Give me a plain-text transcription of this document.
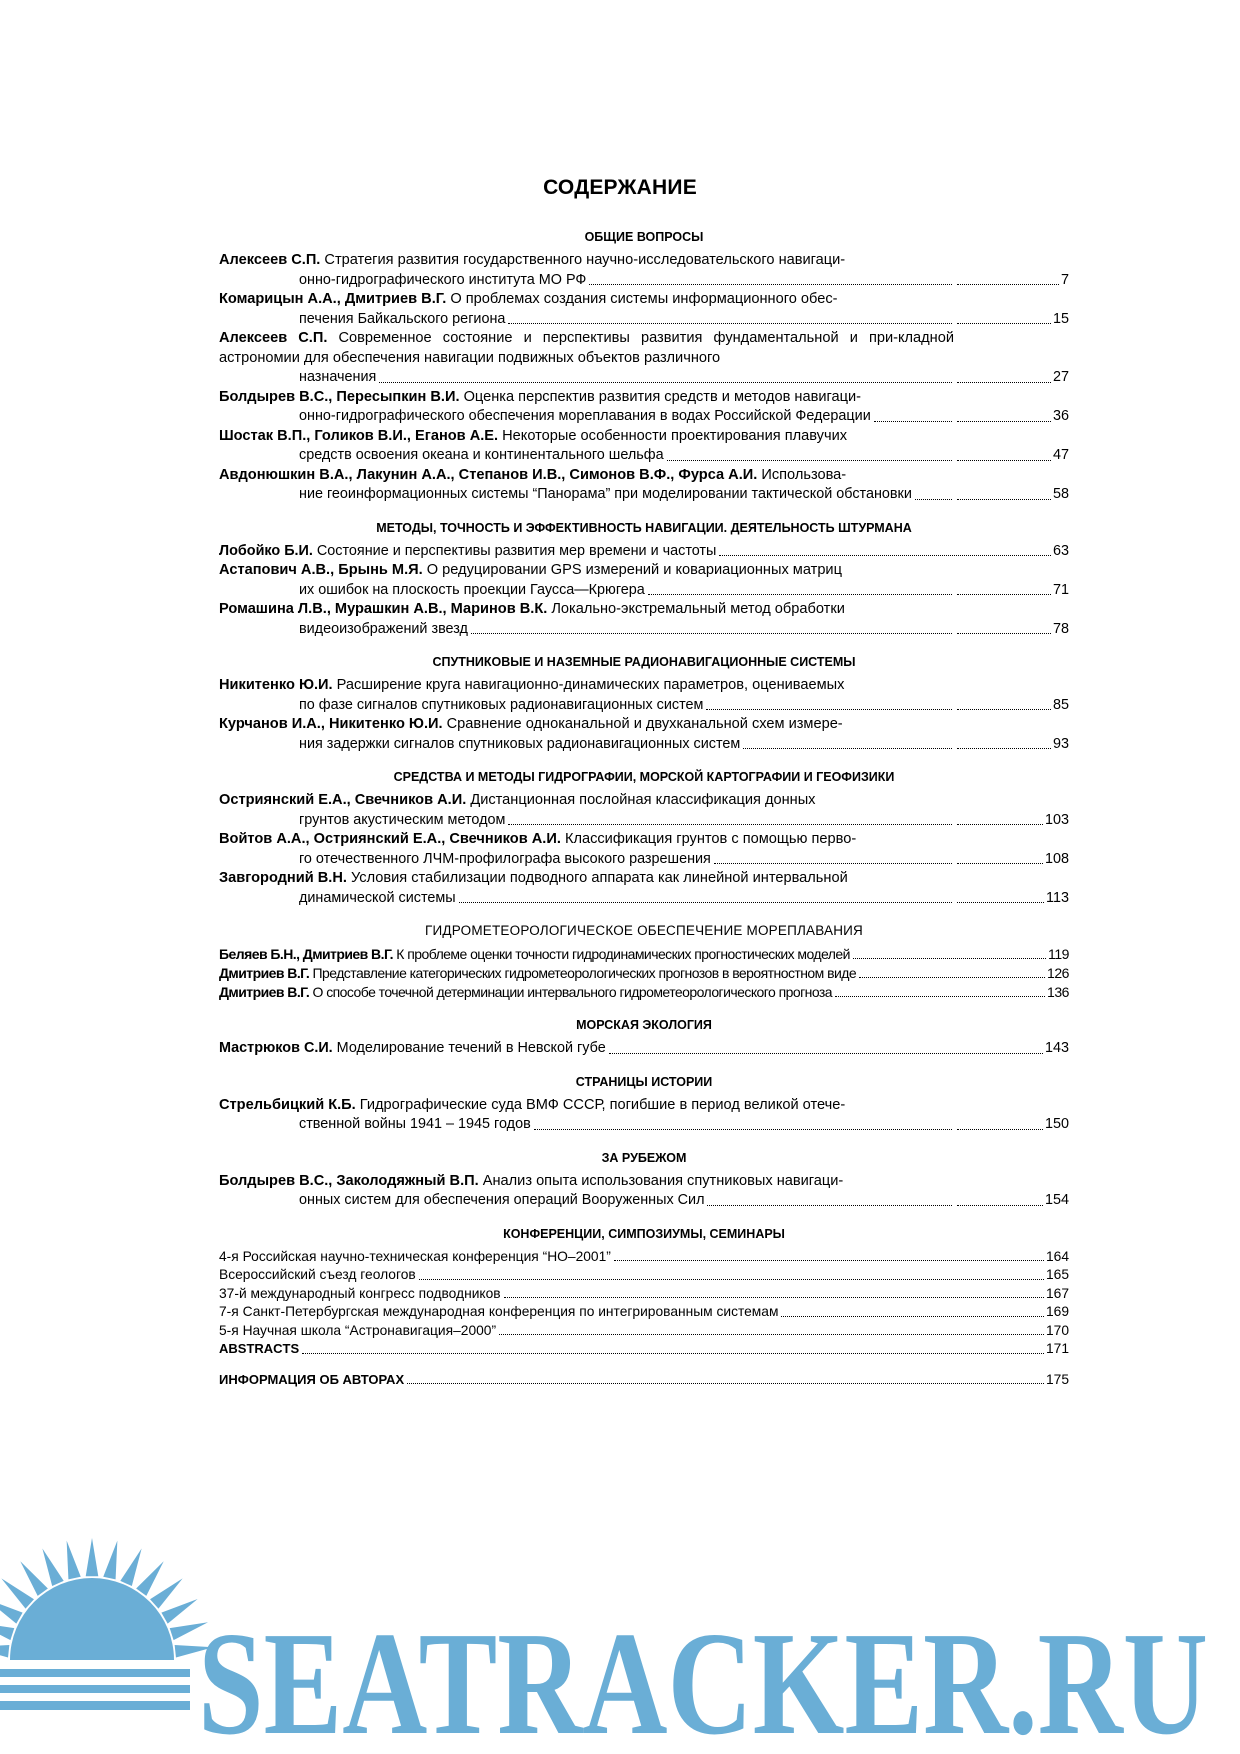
СОДЕРЖАНИЕ
ОБЩИЕ ВОПРОСЫ
Алексеев С.П. Стратегия развития государственного научно-исследовательского навигаци-

онно-гидрографического института МО РФ	7
Комарицын А.А., Дмитриев В.Г. О проблемах создания системы информационного обес-

печения Байкальского региона	15
Алексеев С.П. Современное состояние и перспективы развития фундаментальной и при-кладной астрономии для обеспечения навигации подвижных объектов различного

назначения	27
Болдырев В.С., Пересыпкин В.И. Оценка перспектив развития средств и методов навигаци-

онно-гидрографического обеспечения мореплавания в водах Российской Федерации	36
Шостак В.П., Голиков В.И., Еганов А.Е. Некоторые особенности проектирования плавучих

средств освоения океана и континентального шельфа	47
Авдонюшкин В.А., Лакунин А.А., Степанов И.В., Симонов В.Ф., Фурса А.И. Использова-

ние геоинформационных системы “Панорама” при моделировании тактической обстановки	58
МЕТОДЫ, ТОЧНОСТЬ И ЭФФЕКТИВНОСТЬ НАВИГАЦИИ. ДЕЯТЕЛЬНОСТЬ ШТУРМАНА
Лобойко Б.И. Состояние и перспективы развития мер времени и частоты	63
Астапович А.В., Брынь М.Я. О редуцировании GPS измерений и ковариационных матриц

их ошибок на плоскость проекции Гаусса—Крюгера	71
Ромашина Л.В., Мурашкин А.В., Маринов В.К. Локально-экстремальный метод обработки

видеоизображений звезд	78
СПУТНИКОВЫЕ И НАЗЕМНЫЕ РАДИОНАВИГАЦИОННЫЕ СИСТЕМЫ
Никитенко Ю.И. Расширение круга навигационно-динамических параметров, оцениваемых

по фазе сигналов спутниковых радионавигационных систем	85
Курчанов И.А., Никитенко Ю.И. Сравнение одноканальной и двухканальной схем измере-

ния задержки сигналов спутниковых радионавигационных систем	93
СРЕДСТВА И МЕТОДЫ ГИДРОГРАФИИ, МОРСКОЙ КАРТОГРАФИИ И ГЕОФИЗИКИ
Остриянский Е.А., Свечников А.И. Дистанционная послойная классификация донных

грунтов акустическим методом	103
Войтов А.А., Остриянский Е.А., Свечников А.И. Классификация грунтов с помощью перво-

го отечественного ЛЧМ-профилографа высокого разрешения	108
Завгородний В.Н. Условия стабилизации подводного аппарата как линейной интервальной

динамической системы	113
ГИДРОМЕТЕОРОЛОГИЧЕСКОЕ ОБЕСПЕЧЕНИЕ МОРЕПЛАВАНИЯ
Беляев Б.Н., Дмитриев В.Г. К проблеме оценки точности гидродинамических прогностических моделей	119
Дмитриев В.Г. Представление категорических гидрометеорологических прогнозов в вероятностном виде	126
Дмитриев В.Г. О способе точечной детерминации интервального гидрометеорологического прогноза	136
МОРСКАЯ ЭКОЛОГИЯ
Мастрюков С.И. Моделирование течений в Невской губе	143
СТРАНИЦЫ ИСТОРИИ
Стрельбицкий К.Б. Гидрографические суда ВМФ СССР, погибшие в период великой отече-

ственной войны 1941 – 1945 годов	150
ЗА РУБЕЖОМ
Болдырев В.С., Заколодяжный В.П. Анализ опыта использования спутниковых навигаци-

онных систем для обеспечения операций Вооруженных Сил	154
КОНФЕРЕНЦИИ, СИМПОЗИУМЫ, СЕМИНАРЫ
4-я Российская научно-техническая конференция “НО–2001”	164
Всероссийский съезд геологов	165
37-й международный конгресс подводников	167
7-я Санкт-Петербургская международная конференция по интегрированным системам	169
5-я Научная школа “Астронавигация–2000”	170
ABSTRACTS	171
ИНФОРМАЦИЯ ОБ АВТОРАХ	175
SEATRACKER.RU
